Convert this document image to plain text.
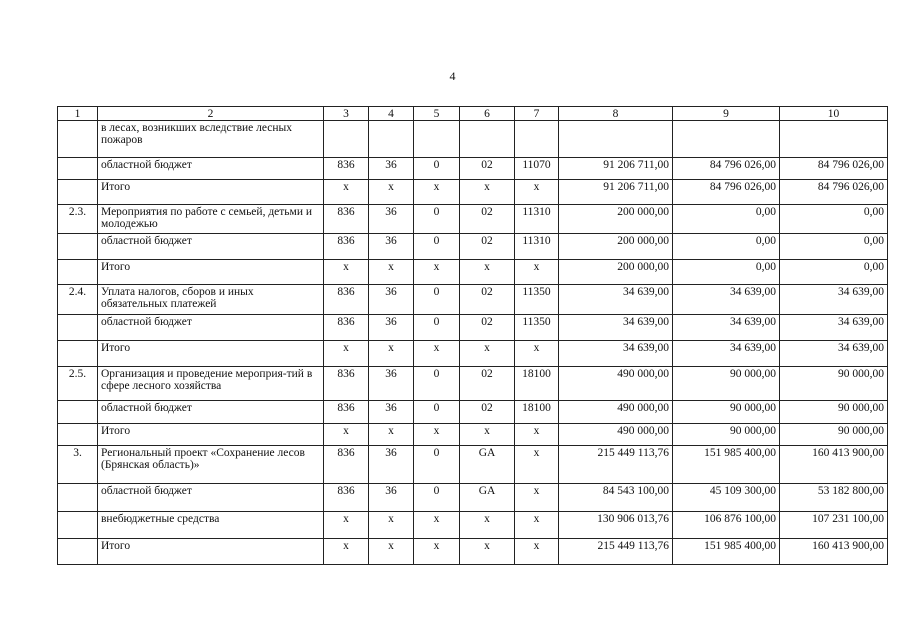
4
1	2	3	4	5	6	7	8	9	10
	в лесах, возникших вследствие лесных пожаров								
	областной бюджет	836	36	0	02	11070	91 206 711,00	84 796 026,00	84 796 026,00
	Итого	x	x	x	x	x	91 206 711,00	84 796 026,00	84 796 026,00
2.3.	Мероприятия по работе с семьей, детьми и молодежью	836	36	0	02	11310	200 000,00	0,00	0,00
	областной бюджет	836	36	0	02	11310	200 000,00	0,00	0,00
	Итого	x	x	x	x	x	200 000,00	0,00	0,00
2.4.	Уплата налогов, сборов и иных обязательных платежей	836	36	0	02	11350	34 639,00	34 639,00	34 639,00
	областной бюджет	836	36	0	02	11350	34 639,00	34 639,00	34 639,00
	Итого	x	x	x	x	x	34 639,00	34 639,00	34 639,00
2.5.	Организация и проведение мероприя-тий в сфере лесного хозяйства	836	36	0	02	18100	490 000,00	90 000,00	90 000,00
	областной бюджет	836	36	0	02	18100	490 000,00	90 000,00	90 000,00
	Итого	x	x	x	x	x	490 000,00	90 000,00	90 000,00
3.	Региональный проект «Сохранение лесов (Брянская область)»	836	36	0	GA	x	215 449 113,76	151 985 400,00	160 413 900,00
	областной бюджет	836	36	0	GA	x	84 543 100,00	45 109 300,00	53 182 800,00
	внебюджетные средства	x	x	x	x	x	130 906 013,76	106 876 100,00	107 231 100,00
	Итого	x	x	x	x	x	215 449 113,76	151 985 400,00	160 413 900,00
